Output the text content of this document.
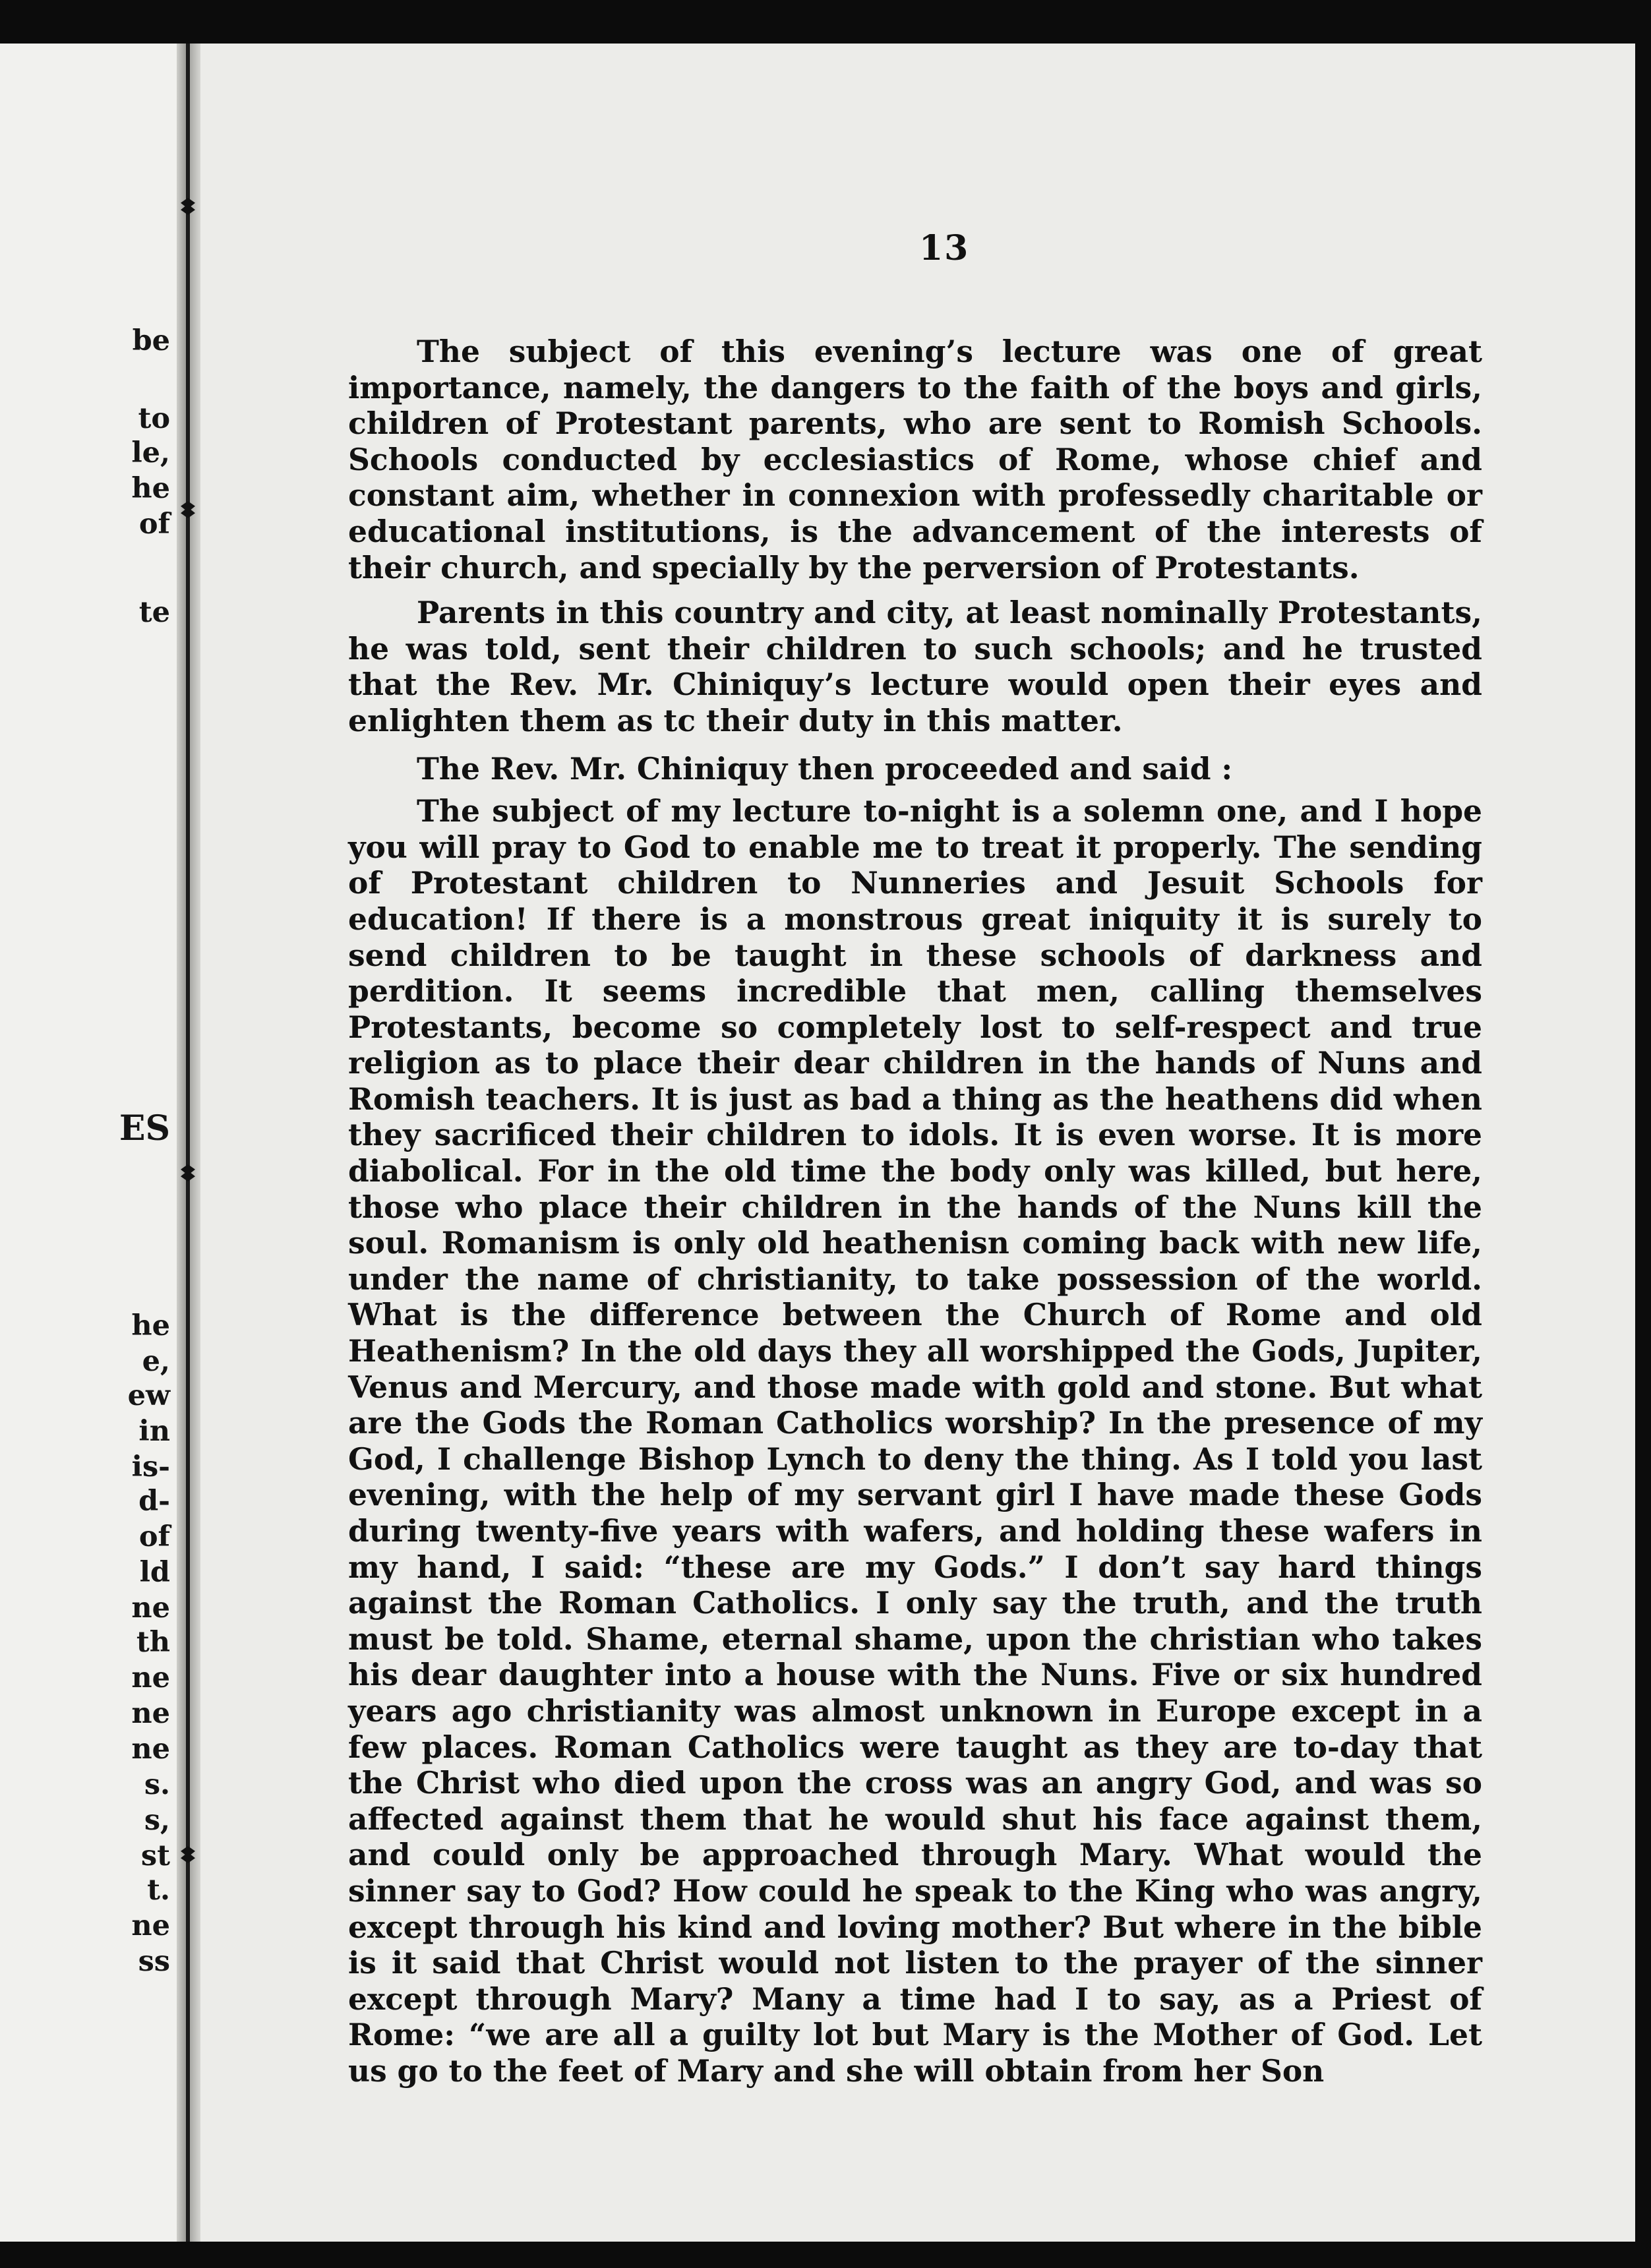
be
to
le,
he
of
te
ES
he
e,
ew
in
is-
d-
of
ld
ne
th
ne
ne
ne
s.
s,
st
t.
ne
ss

13

The subject of this evening’s lecture was one of great importance, namely, the dangers to the faith of the boys and girls, children of Protestant parents, who are sent to Romish Schools. Schools conducted by ecclesiastics of Rome, whose chief and constant aim, whether in connexion with professedly charitable or educational institutions, is the advancement of the interests of their church, and specially by the perversion of Protestants.

Parents in this country and city, at least nominally Protestants, he was told, sent their children to such schools; and he trusted that the Rev. Mr. Chiniquy’s lecture would open their eyes and enlighten them as tc their duty in this matter.

The Rev. Mr. Chiniquy then proceeded and said :

The subject of my lecture to-night is a solemn one, and I hope you will pray to God to enable me to treat it properly. The sending of Protestant children to Nunneries and Jesuit Schools for education! If there is a monstrous great iniquity it is surely to send children to be taught in these schools of darkness and perdition. It seems incredible that men, calling themselves Protestants, become so completely lost to self-respect and true religion as to place their dear children in the hands of Nuns and Romish teachers. It is just as bad a thing as the heathens did when they sacrificed their children to idols. It is even worse. It is more diabolical. For in the old time the body only was killed, but here, those who place their children in the hands of the Nuns kill the soul. Romanism is only old heathenisn coming back with new life, under the name of christianity, to take possession of the world. What is the difference between the Church of Rome and old Heathenism? In the old days they all worshipped the Gods, Jupiter, Venus and Mercury, and those made with gold and stone. But what are the Gods the Roman Catholics worship? In the presence of my God, I challenge Bishop Lynch to deny the thing. As I told you last evening, with the help of my servant girl I have made these Gods during twenty-five years with wafers, and holding these wafers in my hand, I said: “these are my Gods.” I don’t say hard things against the Roman Catholics. I only say the truth, and the truth must be told. Shame, eternal shame, upon the christian who takes his dear daughter into a house with the Nuns. Five or six hundred years ago christianity was almost unknown in Europe except in a few places. Roman Catholics were taught as they are to-day that the Christ who died upon the cross was an angry God, and was so affected against them that he would shut his face against them, and could only be approached through Mary. What would the sinner say to God? How could he speak to the King who was angry, except through his kind and loving mother? But where in the bible is it said that Christ would not listen to the prayer of the sinner except through Mary? Many a time had I to say, as a Priest of Rome: “we are all a guilty lot but Mary is the Mother of God. Let us go to the feet of Mary and she will obtain from her Son
